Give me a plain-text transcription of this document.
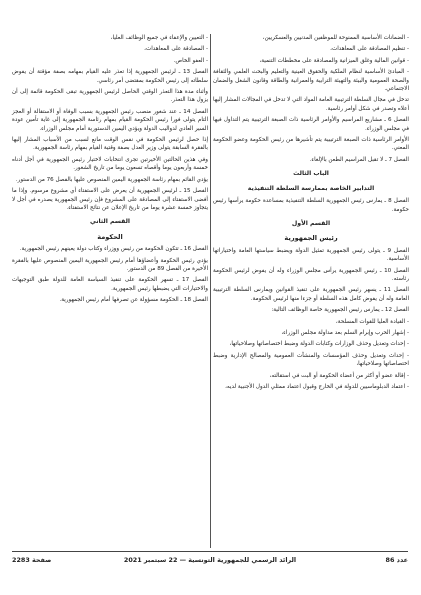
- الضمانات الأساسية الممنوحة للموظفين المدنيين والعسكريين،
- تنظيم المصادقة على المعاهدات،
- قوانين المالية وغلق الميزانية والمصادقة على مخططات التنمية،
- المبادئ الأساسية لنظام الملكية والحقوق العينية والتعليم والبحث العلمي والثقافة والصحة العمومية والبيئة والتهيئة الترابية والعمرانية والطاقة وقانون الشغل والضمان الاجتماعي.
تدخل في مجال السلطة الترتيبية العامة المواد التي لا تدخل في المجالات المشار إليها أعلاه وتصدر في شكل أوامر رئاسية.
الفصل 6 ـ مشاريع المراسيم والأوامر الرئاسية ذات الصبغة الترتيبية يتم التداول فيها في مجلس الوزراء.
الأوامر الرئاسية ذات الصبغة الترتيبية يتم تأشيرها من رئيس الحكومة وعضو الحكومة المعني.
الفصل 7 ـ لا تقبل المراسيم الطعن بالإلغاء.
الباب الثالث
التدابير الخاصة بممارسة السلطة التنفيذية
الفصل 8 ـ يمارس رئيس الجمهورية السلطة التنفيذية بمساعدة حكومة يرأسها رئيس حكومة.
القسم الأول
رئيس الجمهورية
الفصل 9 ـ يتولى رئيس الجمهورية تمثيل الدولة ويضبط سياستها العامة واختياراتها الأساسية.
الفصل 10 ـ رئيس الجمهورية يرأس مجلس الوزراء وله أن يفوض لرئيس الحكومة رئاسته.
الفصل 11 ـ يسهر رئيس الجمهورية على تنفيذ القوانين ويمارس السلطة الترتيبية العامة وله أن يفوض كامل هذه السلطة أو جزءا منها لرئيس الحكومة.
الفصل 12 ـ يمارس رئيس الجمهورية خاصة الوظائف التالية:
- القيادة العليا للقوات المسلحة،
- إشهار الحرب وإبرام السلم بعد مداولة مجلس الوزراء،
- إحداث وتعديل وحذف الوزارات وكتابات الدولة وضبط اختصاصاتها وصلاحياتها،
- إحداث وتعديل وحذف المؤسسات والمنشآت العمومية والمصالح الإدارية وضبط اختصاصاتها وصلاحياتها،
- إقالة عضو أو أكثر من أعضاء الحكومة أو البت في استقالته،
- اعتماد الدبلوماسيين للدولة في الخارج وقبول اعتماد ممثلي الدول الأجنبية لديه،
- التعيين والإعفاء في جميع الوظائف العليا،
- المصادقة على المعاهدات،
- العفو الخاص.
الفصل 13 ـ لرئيس الجمهورية إذا تعذر عليه القيام بمهامه بصفة مؤقتة أن يفوض سلطاته إلى رئيس الحكومة بمقتضى أمر رئاسي.
وأثناء مدة هذا التعذر الوقتي الحاصل لرئيس الجمهورية تبقى الحكومة قائمة إلى أن يزول هذا التعذر.
الفصل 14 ـ عند شغور منصب رئيس الجمهورية بسبب الوفاة أو الاستقالة أو العجز التام يتولى فورا رئيس الحكومة القيام بمهام رئاسة الجمهورية إلى غاية تأمين عودة السير العادي لدواليب الدولة ويؤدي اليمين الدستورية أمام مجلس الوزراء.
إذا حصل لرئيس الحكومة في نفس الوقت مانع لسبب من الأسباب المشار إليها بالفقرة السابقة يتولى وزير العدل بصفة وقتية القيام بمهام رئاسة الجمهورية.
وفي هذين الحالتين الأخيرتين تجرى انتخابات لاختيار رئيس الجمهورية في أجل أدناه خمسة وأربعون يوما وأقصاه تسعون يوما من تاريخ الشغور.
يؤدي القائم بمهام رئاسة الجمهورية اليمين المنصوص عليها بالفصل 76 من الدستور.
الفصل 15 ـ لرئيس الجمهورية أن يعرض على الاستفتاء أي مشروع مرسوم. وإذا ما أفضى الاستفتاء إلى المصادقة على المشروع فإن رئيس الجمهورية يصدره في أجل لا يتجاوز خمسة عشرة يوما من تاريخ الإعلان عن نتائج الاستفتاء.
القسم الثاني
الحكومة
الفصل 16 ـ تتكون الحكومة من رئيس ووزراء وكتاب دولة يعينهم رئيس الجمهورية.
يؤدي رئيس الحكومة وأعضاؤها أمام رئيس الجمهورية اليمين المنصوص عليها بالفقرة الأخيرة من الفصل 89 من الدستور.
الفصل 17 ـ تسهر الحكومة على تنفيذ السياسة العامة للدولة طبق التوجيهات والاختيارات التي يضبطها رئيس الجمهورية.
الفصل 18 ـ الحكومة مسؤولة عن تصرفها أمام رئيس الجمهورية.
عدد 86
الرائد الرسمي للجمهورية التونسية — 22 سبتمبر 2021
صفحة 2283
